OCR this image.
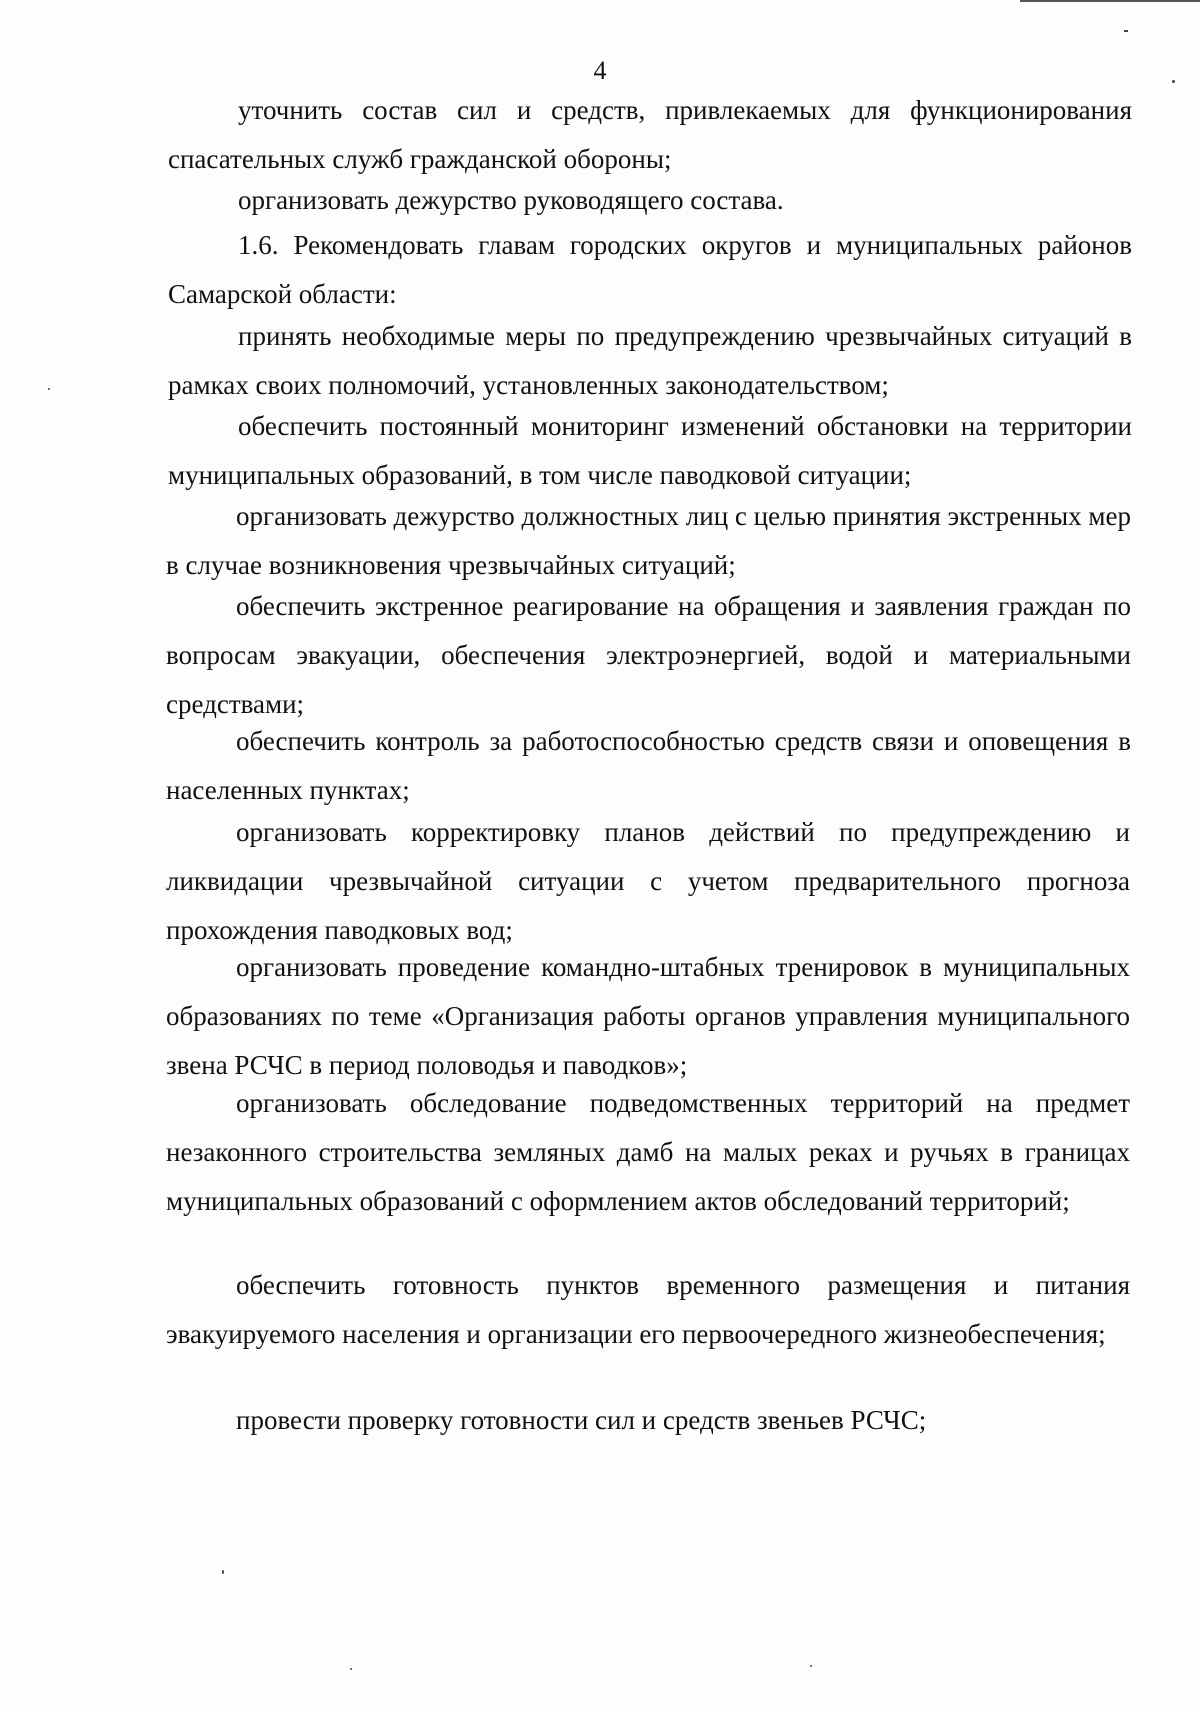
4

уточнить состав сил и средств, привлекаемых для функционирования спасательных служб гражданской обороны;

организовать дежурство руководящего состава.

1.6. Рекомендовать главам городских округов и муниципальных районов Самарской области:

принять необходимые меры по предупреждению чрезвычайных ситуаций в рамках своих полномочий, установленных законодательством;

обеспечить постоянный мониторинг изменений обстановки на территории муниципальных образований, в том числе паводковой ситуации;

организовать дежурство должностных лиц с целью принятия экстренных мер в случае возникновения чрезвычайных ситуаций;

обеспечить экстренное реагирование на обращения и заявления граждан по вопросам эвакуации, обеспечения электроэнергией, водой и материальными средствами;

обеспечить контроль за работоспособностью средств связи и оповещения в населенных пунктах;

организовать корректировку планов действий по предупреждению и ликвидации чрезвычайной ситуации с учетом предварительного прогноза прохождения паводковых вод;

организовать проведение командно-штабных тренировок в муниципальных образованиях по теме «Организация работы органов управления муниципального звена РСЧС в период половодья и паводков»;

организовать обследование подведомственных территорий на предмет незаконного строительства земляных дамб на малых реках и ручьях в границах муниципальных образований с оформлением актов обследований территорий;

обеспечить готовность пунктов временного размещения и питания эвакуируемого населения и организации его первоочередного жизнеобеспечения;

провести проверку готовности сил и средств звеньев РСЧС;
